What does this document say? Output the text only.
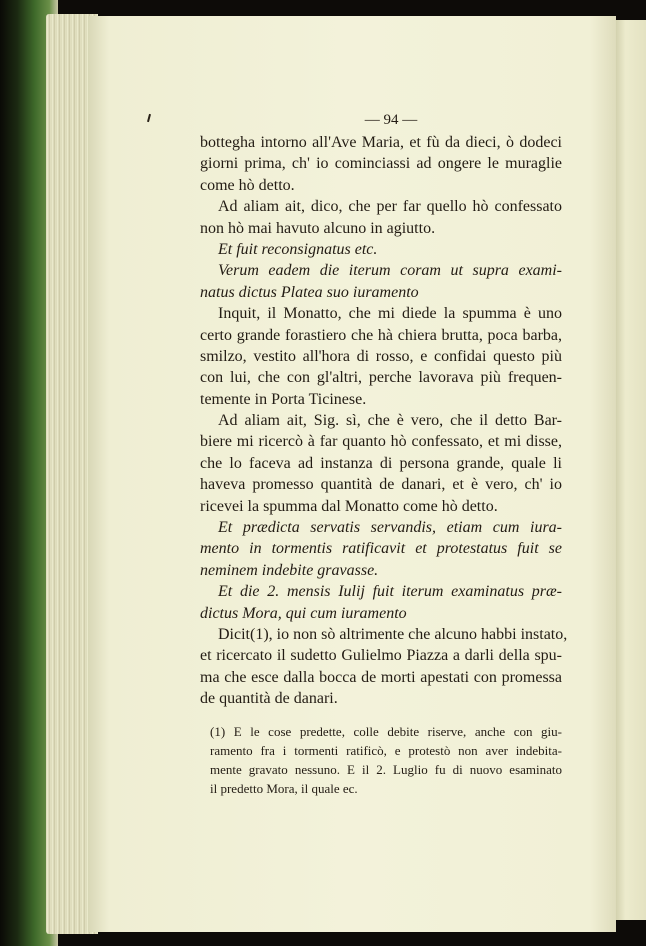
— 94 —
bottegha intorno all'Ave Maria, et fù da dieci, ò dodeci
giorni prima, ch' io cominciassi ad ongere le muraglie
come hò detto.
Ad aliam ait, dico, che per far quello hò confessato
non hò mai havuto alcuno in agiutto.
Et fuit reconsignatus etc.
Verum eadem die iterum coram ut supra exami-
natus dictus Platea suo iuramento
Inquit, il Monatto, che mi diede la spumma è uno
certo grande forastiero che hà chiera brutta, poca barba,
smilzo, vestito all'hora di rosso, e confidai questo più
con lui, che con gl'altri, perche lavorava più frequen-
temente in Porta Ticinese.
Ad aliam ait, Sig. sì, che è vero, che il detto Bar-
biere mi ricercò à far quanto hò confessato, et mi disse,
che lo faceva ad instanza di persona grande, quale li
haveva promesso quantità de danari, et è vero, ch' io
ricevei la spumma dal Monatto come hò detto.
Et prædicta servatis servandis, etiam cum iura-
mento in tormentis ratificavit et protestatus fuit se
neminem indebite gravasse.
Et die 2. mensis Iulij fuit iterum examinatus præ-
dictus Mora, qui cum iuramento
Dicit(1), io non sò altrimente che alcuno habbi instato,
et ricercato il sudetto Gulielmo Piazza a darli della spu-
ma che esce dalla bocca de morti apestati con promessa
de quantità de danari.
(1) E le cose predette, colle debite riserve, anche con giu-
ramento fra i tormenti ratificò, e protestò non aver indebita-
mente gravato nessuno. E il 2. Luglio fu di nuovo esaminato
il predetto Mora, il quale ec.
